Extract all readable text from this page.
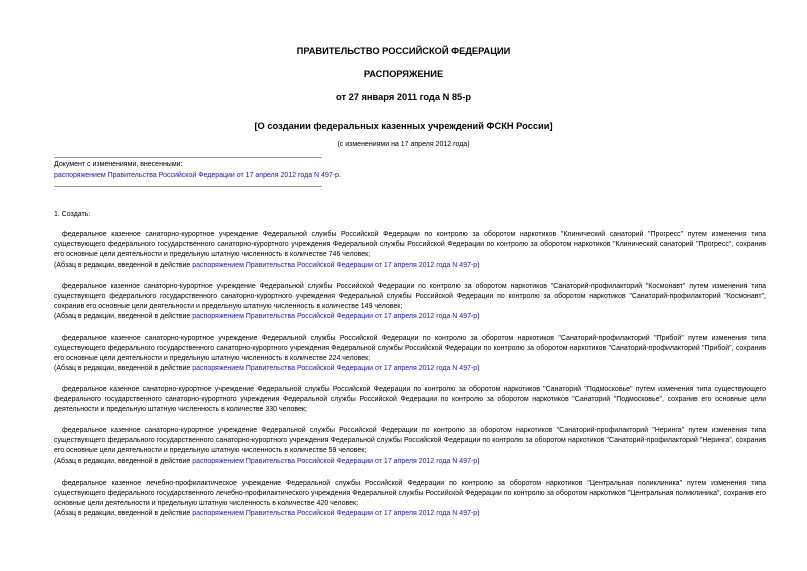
ПРАВИТЕЛЬСТВО РОССИЙСКОЙ ФЕДЕРАЦИИ
РАСПОРЯЖЕНИЕ
от 27 января 2011 года N 85-р
[О создании федеральных казенных учреждений ФСКН России]
(с изменениями на 17 апреля 2012 года)
Документ с изменениями, внесенными:
распоряжением Правительства Российской Федерации от 17 апреля 2012 года N 497-р.
1. Создать:
федеральное казенное санаторно-курортное учреждение Федеральной службы Российской Федерации по контролю за оборотом наркотиков "Клинический санаторий "Прогресс" путем изменения типа существующего федерального государственного санаторно-курортного учреждения Федеральной службы Российской Федерации по контролю за оборотом наркотиков "Клинический санаторий "Прогресс", сохранив его основные цели деятельности и предельную штатную численность в количестве 746 человек;
(Абзац в редакции, введенной в действие распоряжением Правительства Российской Федерации от 17 апреля 2012 года N 497-р)
федеральное казенное санаторно-курортное учреждение Федеральной службы Российской Федерации по контролю за оборотом наркотиков "Санаторий-профилакторий "Космонавт" путем изменения типа существующего федерального государственного санаторно-курортного учреждения Федеральной службы Российской Федерации по контролю за оборотом наркотиков "Санаторий-профилакторий "Космонавт", сохранив его основные цели деятельности и предельную штатную численность в количестве 149 человек;
(Абзац в редакции, введенной в действие распоряжением Правительства Российской Федерации от 17 апреля 2012 года N 497-р)
федеральное казенное санаторно-курортное учреждение Федеральной службы Российской Федерации по контролю за оборотом наркотиков "Санаторий-профилакторий "Прибой" путем изменения типа существующего федерального государственного санаторно-курортного учреждения Федеральной службы Российской Федерации по контролю за оборотом наркотиков "Санаторий-профилакторий "Прибой", сохранив его основные цели деятельности и предельную штатную численность в количестве 224 человек;
(Абзац в редакции, введенной в действие распоряжением Правительства Российской Федерации от 17 апреля 2012 года N 497-р)
федеральное казенное санаторно-курортное учреждение Федеральной службы Российской Федерации по контролю за оборотом наркотиков "Санаторий "Подмосковье" путем изменения типа существующего федерального государственного санаторно-курортного учреждения Федеральной службы Российской Федерации по контролю за оборотом наркотиков "Санаторий "Подмосковье", сохранив его основные цели деятельности и предельную штатную численность в количестве 330 человек;
федеральное казенное санаторно-курортное учреждение Федеральной службы Российской Федерации по контролю за оборотом наркотиков "Санаторий-профилакторий "Неринга" путем изменения типа существующего федерального государственного санаторно-курортного учреждения Федеральной службы Российской Федерации по контролю за оборотом наркотиков "Санаторий-профилакторий "Неринга", сохранив его основные цели деятельности и предельную штатную численность в количестве 59 человек;
(Абзац в редакции, введенной в действие распоряжением Правительства Российской Федерации от 17 апреля 2012 года N 497-р)
федеральное казенное лечебно-профилактическое учреждение Федеральной службы Российской Федерации по контролю за оборотом наркотиков "Центральная поликлиника" путем изменения типа существующего федерального государственного лечебно-профилактического учреждения Федеральной службы Российской Федерации по контролю за оборотом наркотиков "Центральная поликлиника", сохранив его основные цели деятельности и предельную штатную численность в количестве 420 человек;
(Абзац в редакции, введенной в действие распоряжением Правительства Российской Федерации от 17 апреля 2012 года N 497-р)
